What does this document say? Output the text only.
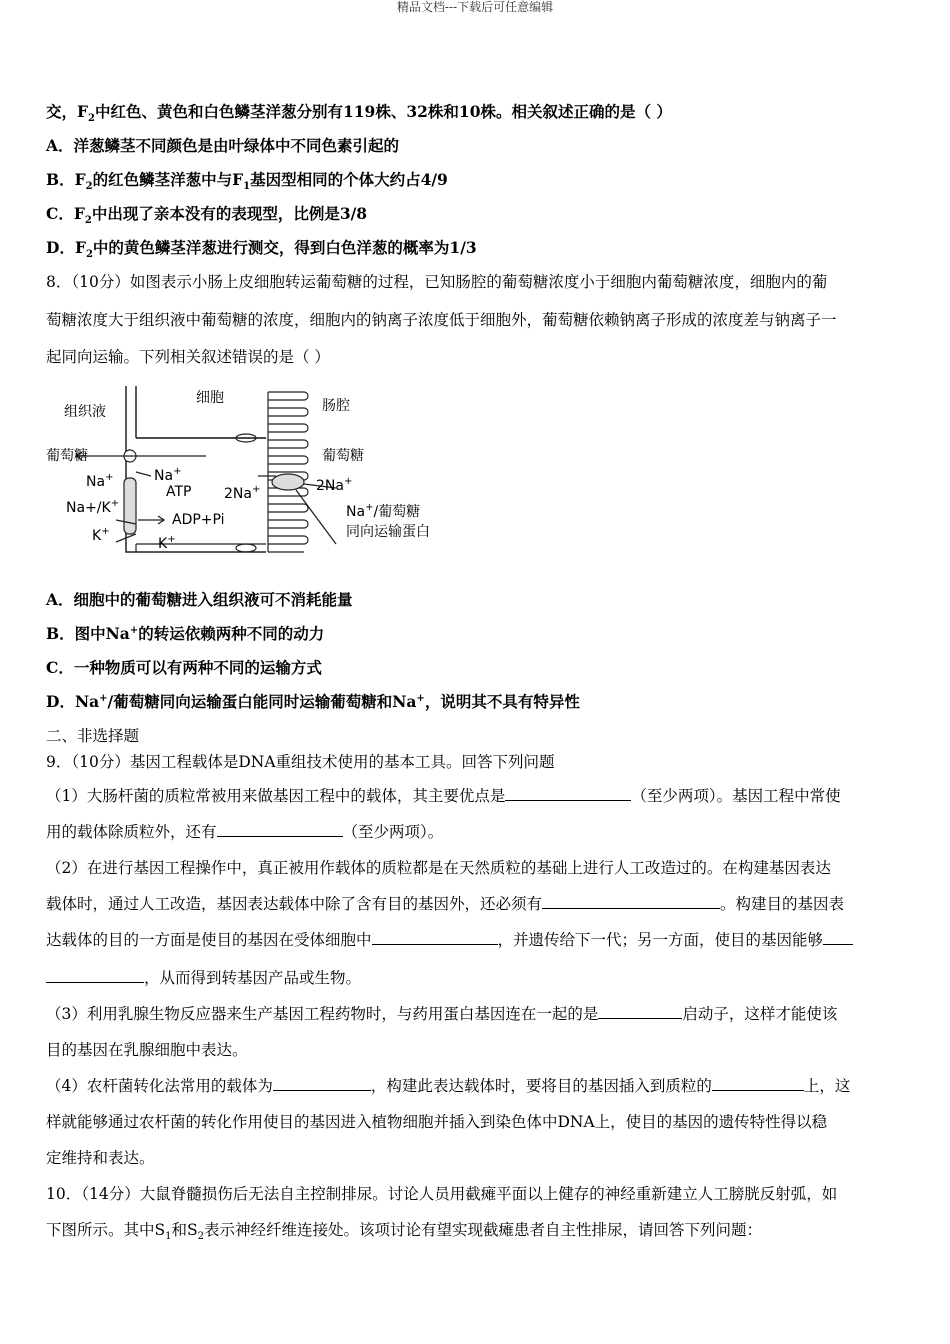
精品文档---下载后可任意编辑
交，$F_2$中红色、黄色和白色鳞茎洋葱分别有119株、32株和10株。相关叙述正确的是（ ）
A．洋葱鳞茎不同颜色是由叶绿体中不同色素引起的
B．$F_2$的红色鳞茎洋葱中与$F_1$基因型相同的个体大约占4/9
C．$F_2$中出现了亲本没有的表现型，比例是3/8
D．$F_2$中的黄色鳞茎洋葱进行测交，得到白色洋葱的概率为1/3
8．（10分）如图表示小肠上皮细胞转运葡萄糖的过程，已知肠腔的葡萄糖浓度小于细胞内葡萄糖浓度，细胞内的葡
萄糖浓度大于组织液中葡萄糖的浓度，细胞内的钠离子浓度低于细胞外，葡萄糖依赖钠离子形成的浓度差与钠离子一
起同向运输。下列相关叙述错误的是（ ）
组织液
细胞	肠腔
葡萄糖	葡萄糖
Na+
ATP
ADP+Pi
Na+/K+
Na+
K+
K+
2Na+	2Na+
Na+/葡萄糖
同向运输蛋白
A．细胞中的葡萄糖进入组织液可不消耗能量
B．图中Na+的转运依赖两种不同的动力
C．一种物质可以有两种不同的运输方式
D．Na+/葡萄糖同向运输蛋白能同时运输葡萄糖和Na+，说明其不具有特异性
二、非选择题
9．（10分）基因工程载体是DNA重组技术使用的基本工具。回答下列问题
（1）大肠杆菌的质粒常被用来做基因工程中的载体，其主要优点是	（至少两项）。基因工程中常使
用的载体除质粒外，还有	（至少两项）。
（2）在进行基因工程操作中，真正被用作载体的质粒都是在天然质粒的基础上进行人工改造过的。在构建基因表达
载体时，通过人工改造，基因表达载体中除了含有目的基因外，还必须有	。构建目的基因表
达载体的目的一方面是使目的基因在受体细胞中	，并遗传给下一代；另一方面，使目的基因能够
，从而得到转基因产品或生物。
（3）利用乳腺生物反应器来生产基因工程药物时，与药用蛋白基因连在一起的是	启动子，这样才能使该
目的基因在乳腺细胞中表达。
（4）农杆菌转化法常用的载体为	，构建此表达载体时，要将目的基因插入到质粒的	上，这
样就能够通过农杆菌的转化作用使目的基因进入植物细胞并插入到染色体中DNA上，使目的基因的遗传特性得以稳
定维持和表达。
10．（14分）大鼠脊髓损伤后无法自主控制排尿。讨论人员用截瘫平面以上健存的神经重新建立人工膀胱反射弧，如
下图所示。其中$S_1$和$S_2$表示神经纤维连接处。该项讨论有望实现截瘫患者自主性排尿，请回答下列问题：
